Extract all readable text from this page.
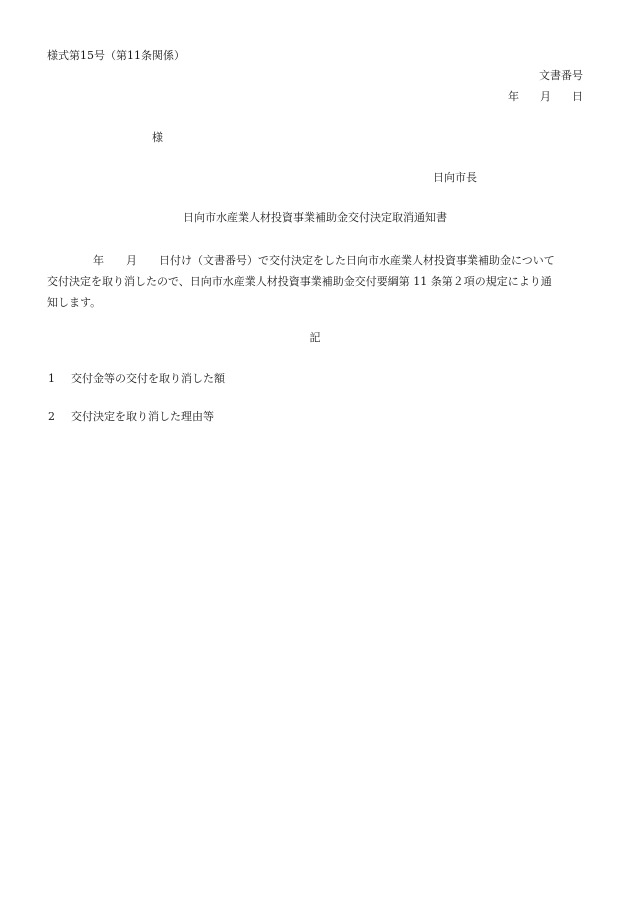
様式第15号（第11条関係）
文書番号
年 月 日
様
日向市長
日向市水産業人材投資事業補助金交付決定取消通知書
年 月 日付け（文書番号）で交付決定をした日向市水産業人材投資事業補助金について
交付決定を取り消したので、日向市水産業人材投資事業補助金交付要綱第 11 条第２項の規定により通
知します。
記
1 交付金等の交付を取り消した額
2 交付決定を取り消した理由等
